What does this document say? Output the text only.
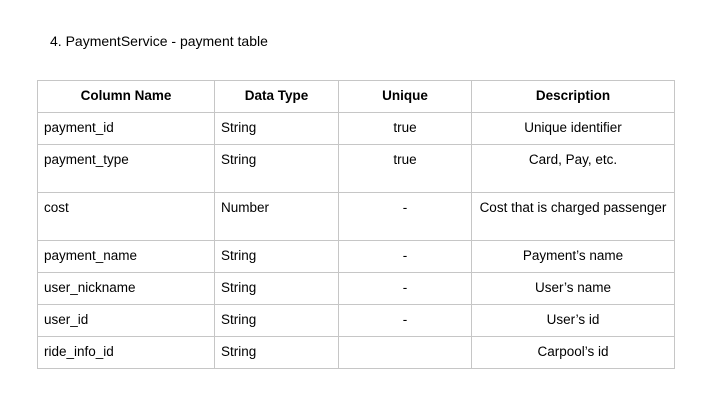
4. PaymentService - payment table
Column Name	Data Type	Unique	Description
payment_id	String	true	Unique identifier
payment_type	String	true	Card, Pay, etc.
cost	Number	-	Cost that is charged passenger
payment_name	String	-	Payment’s name
user_nickname	String	-	User’s name
user_id	String	-	User’s id
ride_info_id	String		Carpool’s id
